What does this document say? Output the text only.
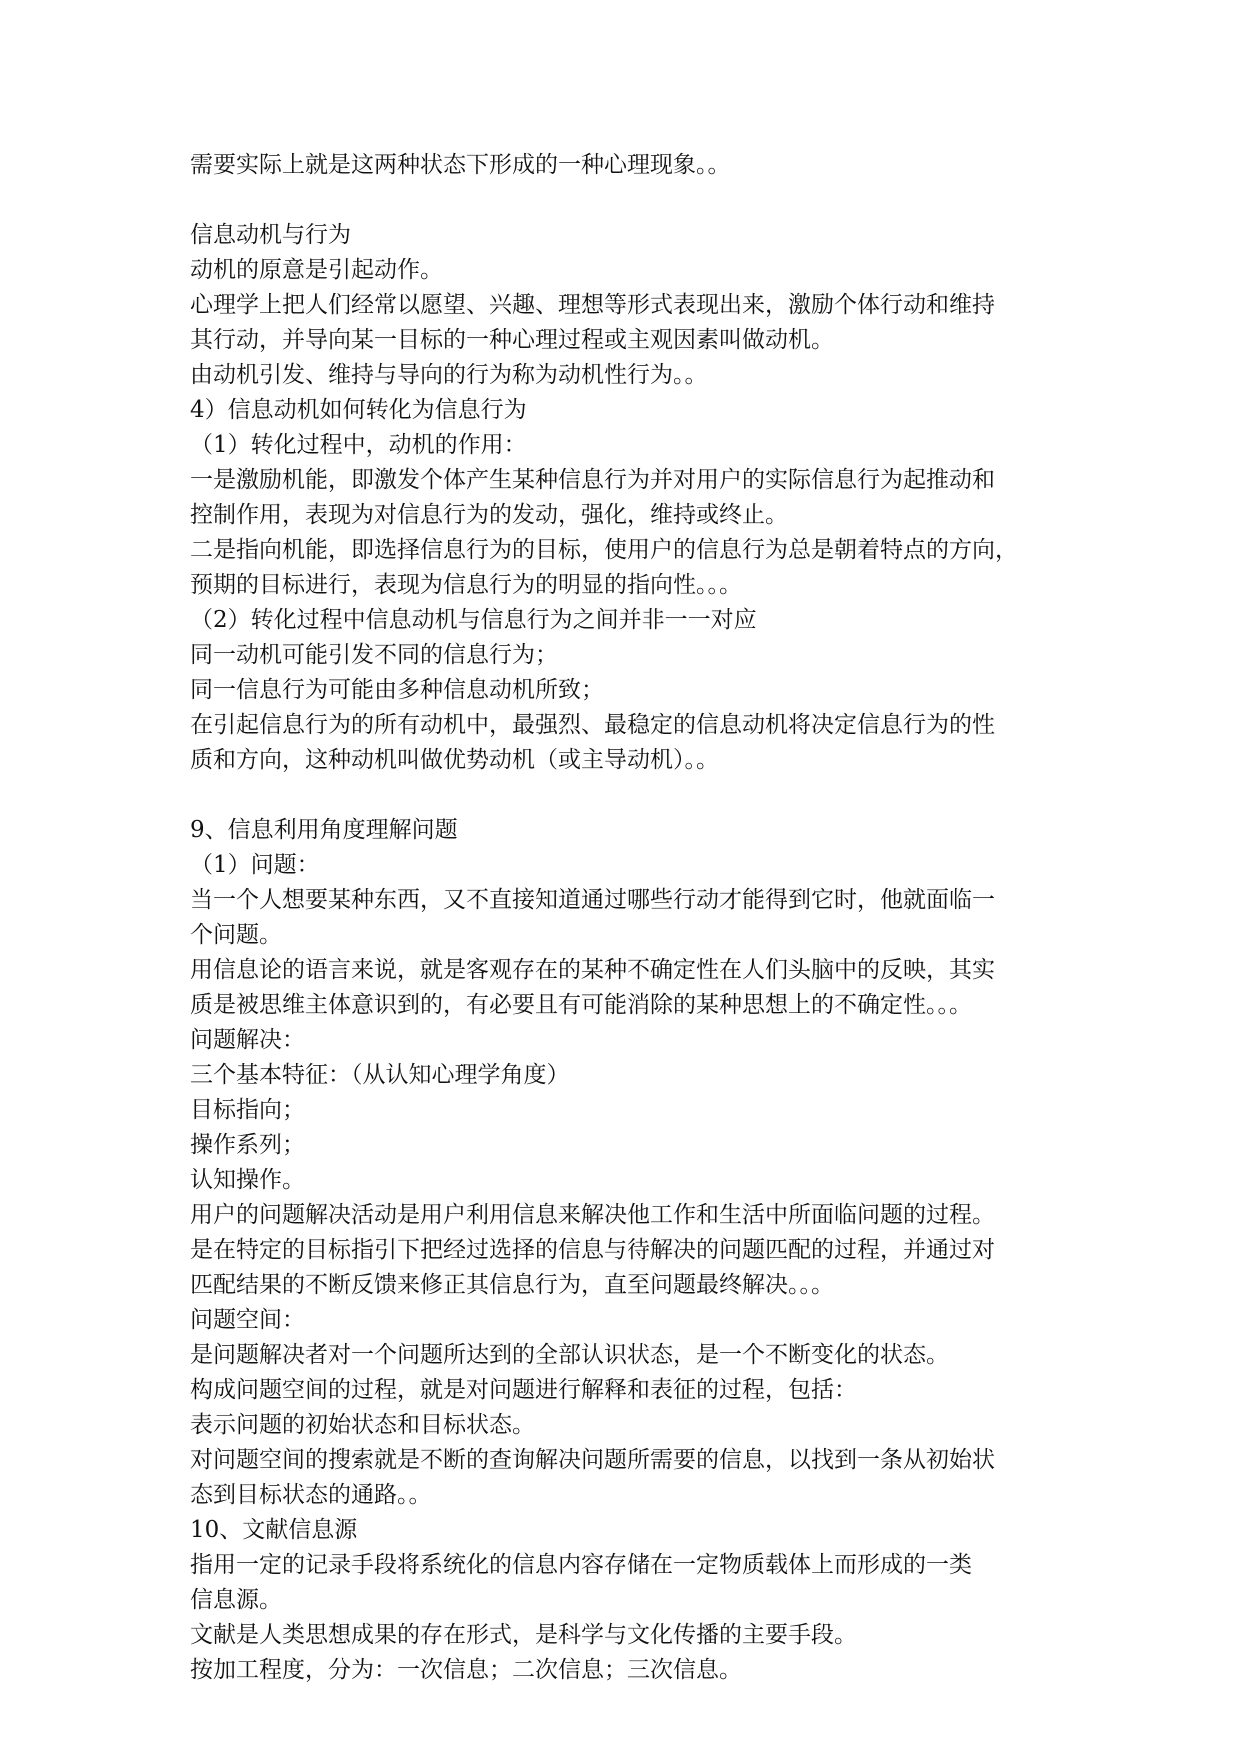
需要实际上就是这两种状态下形成的一种心理现象。。
信息动机与行为
动机的原意是引起动作。
心理学上把人们经常以愿望、兴趣、理想等形式表现出来，激励个体行动和维持
其行动，并导向某一目标的一种心理过程或主观因素叫做动机。
由动机引发、维持与导向的行为称为动机性行为。。
4）信息动机如何转化为信息行为
（1）转化过程中，动机的作用：
一是激励机能，即激发个体产生某种信息行为并对用户的实际信息行为起推动和
控制作用，表现为对信息行为的发动，强化，维持或终止。
二是指向机能，即选择信息行为的目标，使用户的信息行为总是朝着特点的方向，
预期的目标进行，表现为信息行为的明显的指向性。。。
（2）转化过程中信息动机与信息行为之间并非一一对应
同一动机可能引发不同的信息行为；
同一信息行为可能由多种信息动机所致；
在引起信息行为的所有动机中，最强烈、最稳定的信息动机将决定信息行为的性
质和方向，这种动机叫做优势动机（或主导动机）。。
9、信息利用角度理解问题
（1）问题：
当一个人想要某种东西，又不直接知道通过哪些行动才能得到它时，他就面临一
个问题。
用信息论的语言来说，就是客观存在的某种不确定性在人们头脑中的反映，其实
质是被思维主体意识到的，有必要且有可能消除的某种思想上的不确定性。。。
问题解决：
三个基本特征：（从认知心理学角度）
目标指向；
操作系列；
认知操作。
用户的问题解决活动是用户利用信息来解决他工作和生活中所面临问题的过程。
是在特定的目标指引下把经过选择的信息与待解决的问题匹配的过程，并通过对
匹配结果的不断反馈来修正其信息行为，直至问题最终解决。。。
问题空间：
是问题解决者对一个问题所达到的全部认识状态，是一个不断变化的状态。
构成问题空间的过程，就是对问题进行解释和表征的过程，包括：
表示问题的初始状态和目标状态。
对问题空间的搜索就是不断的查询解决问题所需要的信息，以找到一条从初始状
态到目标状态的通路。。
10、文献信息源
指用一定的记录手段将系统化的信息内容存储在一定物质载体上而形成的一类
信息源。
文献是人类思想成果的存在形式，是科学与文化传播的主要手段。
按加工程度，分为：一次信息；二次信息；三次信息。
